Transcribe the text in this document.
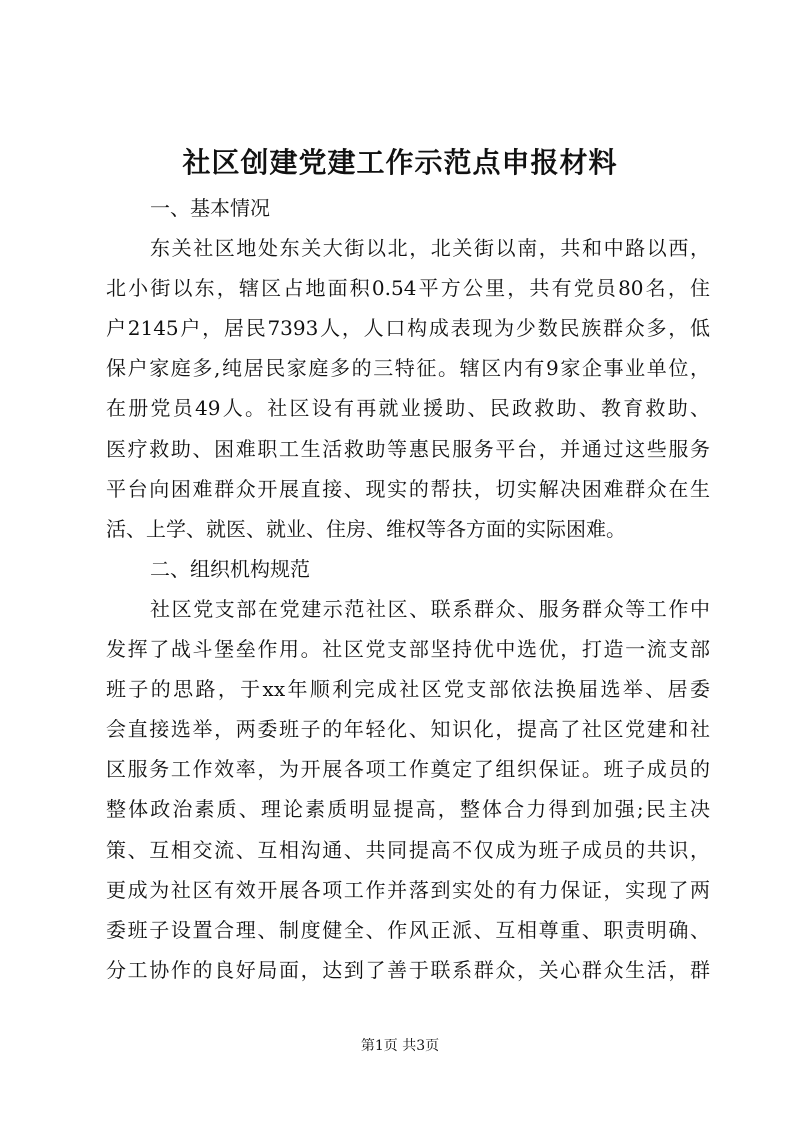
社区创建党建工作示范点申报材料
一、基本情况
东关社区地处东关大街以北，北关街以南，共和中路以西，
北小街以东，辖区占地面积0.54平方公里，共有党员80名，住
户2145户，居民7393人，人口构成表现为少数民族群众多，低
保户家庭多,纯居民家庭多的三特征。辖区内有9家企事业单位，
在册党员49人。社区设有再就业援助、民政救助、教育救助、
医疗救助、困难职工生活救助等惠民服务平台，并通过这些服务
平台向困难群众开展直接、现实的帮扶，切实解决困难群众在生
活、上学、就医、就业、住房、维权等各方面的实际困难。
二、组织机构规范
社区党支部在党建示范社区、联系群众、服务群众等工作中
发挥了战斗堡垒作用。社区党支部坚持优中选优，打造一流支部
班子的思路，于xx年顺利完成社区党支部依法换届选举、居委
会直接选举，两委班子的年轻化、知识化，提高了社区党建和社
区服务工作效率，为开展各项工作奠定了组织保证。班子成员的
整体政治素质、理论素质明显提高，整体合力得到加强;民主决
策、互相交流、互相沟通、共同提高不仅成为班子成员的共识，
更成为社区有效开展各项工作并落到实处的有力保证，实现了两
委班子设置合理、制度健全、作风正派、互相尊重、职责明确、
分工协作的良好局面，达到了善于联系群众，关心群众生活，群
第1页 共3页
